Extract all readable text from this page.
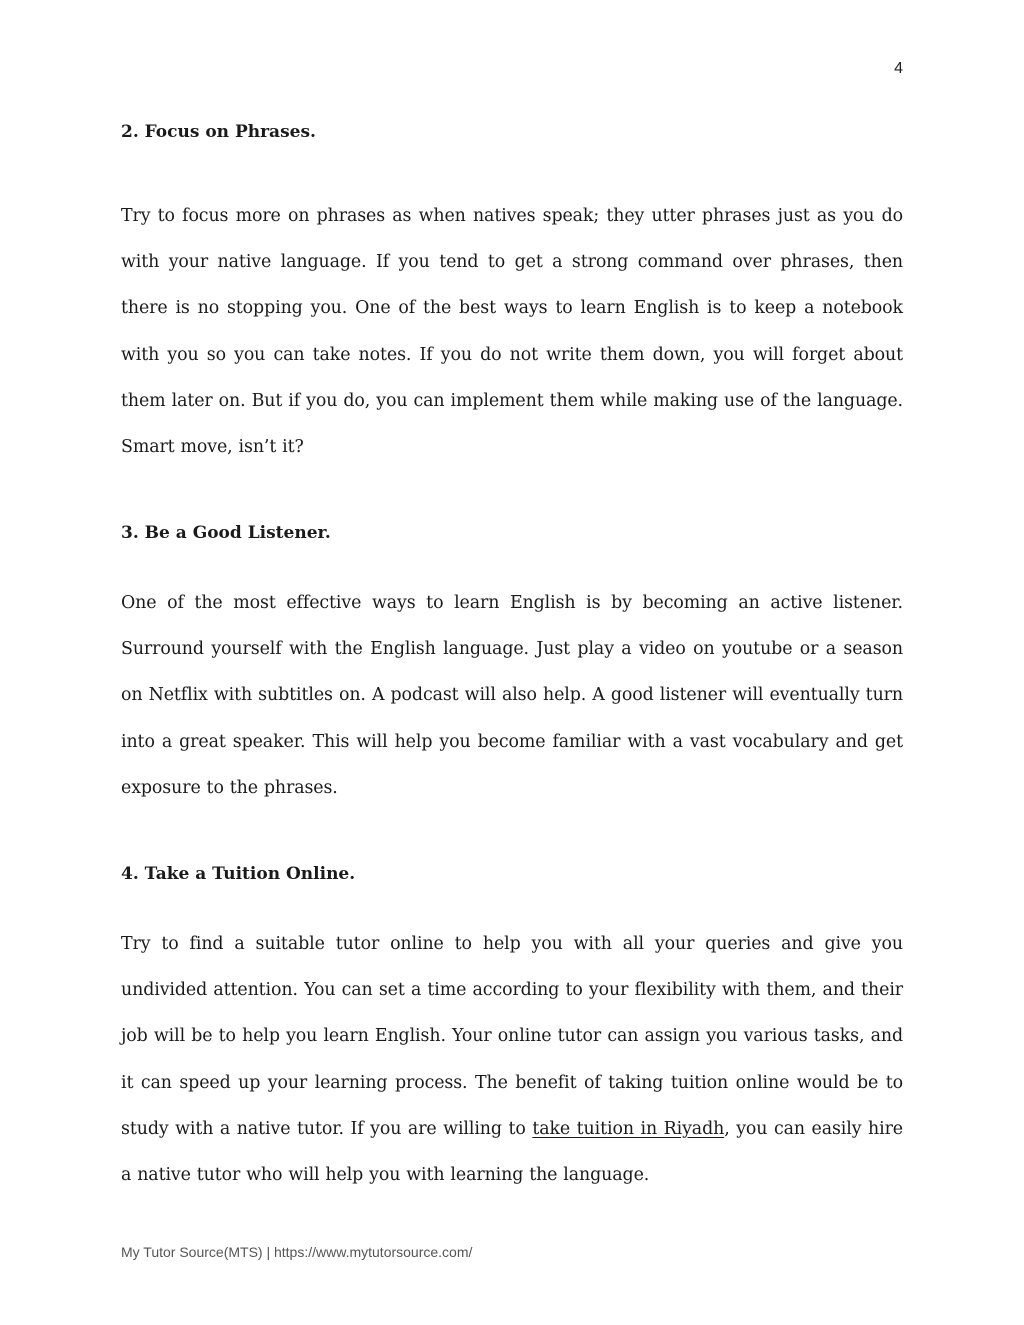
4
2. Focus on Phrases.
Try to focus more on phrases as when natives speak; they utter phrases just as you do with your native language. If you tend to get a strong command over phrases, then there is no stopping you. One of the best ways to learn English is to keep a notebook with you so you can take notes. If you do not write them down, you will forget about them later on. But if you do, you can implement them while making use of the language. Smart move, isn’t it?
3. Be a Good Listener.
One of the most effective ways to learn English is by becoming an active listener. Surround yourself with the English language. Just play a video on youtube or a season on Netflix with subtitles on. A podcast will also help. A good listener will eventually turn into a great speaker. This will help you become familiar with a vast vocabulary and get exposure to the phrases.
4. Take a Tuition Online.
Try to find a suitable tutor online to help you with all your queries and give you undivided attention. You can set a time according to your flexibility with them, and their job will be to help you learn English. Your online tutor can assign you various tasks, and it can speed up your learning process. The benefit of taking tuition online would be to study with a native tutor. If you are willing to take tuition in Riyadh, you can easily hire a native tutor who will help you with learning the language.
My Tutor Source(MTS) | https://www.mytutorsource.com/
